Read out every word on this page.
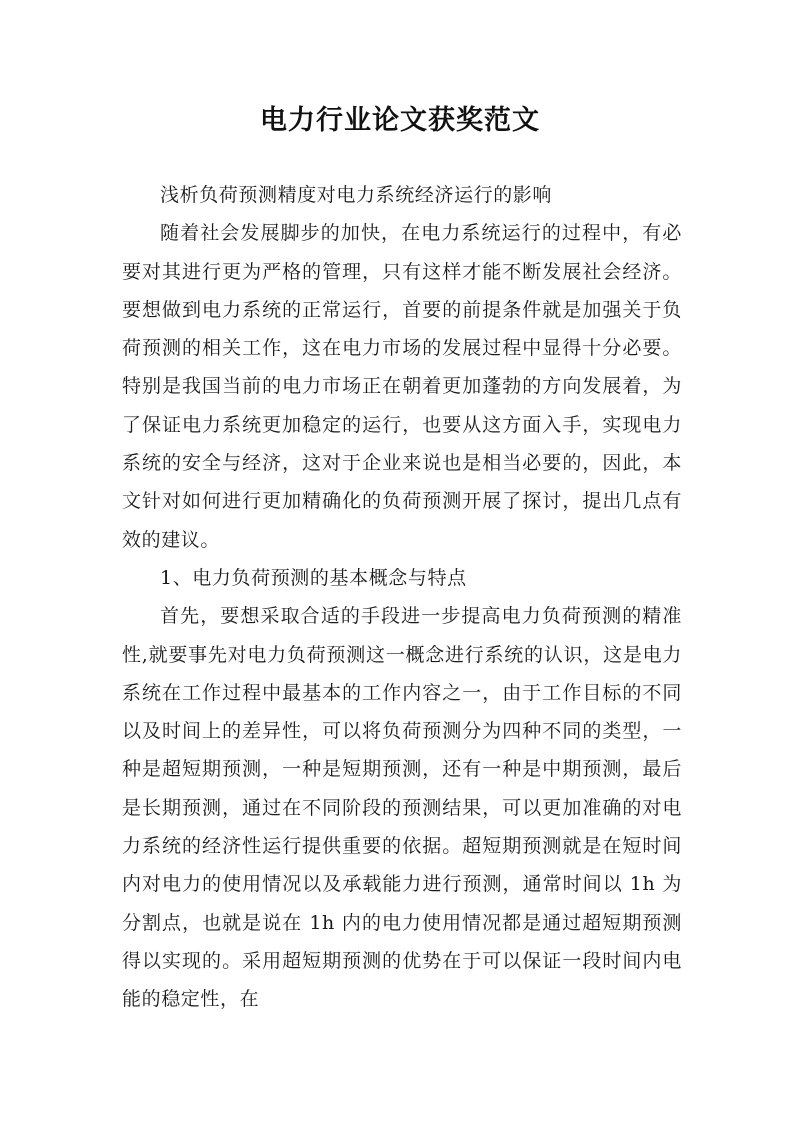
电力行业论文获奖范文

浅析负荷预测精度对电力系统经济运行的影响

随着社会发展脚步的加快，在电力系统运行的过程中，有必要对其进行更为严格的管理，只有这样才能不断发展社会经济。要想做到电力系统的正常运行，首要的前提条件就是加强关于负荷预测的相关工作，这在电力市场的发展过程中显得十分必要。特别是我国当前的电力市场正在朝着更加蓬勃的方向发展着，为了保证电力系统更加稳定的运行，也要从这方面入手，实现电力系统的安全与经济，这对于企业来说也是相当必要的，因此，本文针对如何进行更加精确化的负荷预测开展了探讨，提出几点有效的建议。

1、电力负荷预测的基本概念与特点

首先，要想采取合适的手段进一步提高电力负荷预测的精准性,就要事先对电力负荷预测这一概念进行系统的认识，这是电力系统在工作过程中最基本的工作内容之一，由于工作目标的不同以及时间上的差异性，可以将负荷预测分为四种不同的类型，一种是超短期预测，一种是短期预测，还有一种是中期预测，最后是长期预测，通过在不同阶段的预测结果，可以更加准确的对电力系统的经济性运行提供重要的依据。超短期预测就是在短时间内对电力的使用情况以及承载能力进行预测，通常时间以 1h 为分割点，也就是说在 1h 内的电力使用情况都是通过超短期预测得以实现的。采用超短期预测的优势在于可以保证一段时间内电能的稳定性，在
